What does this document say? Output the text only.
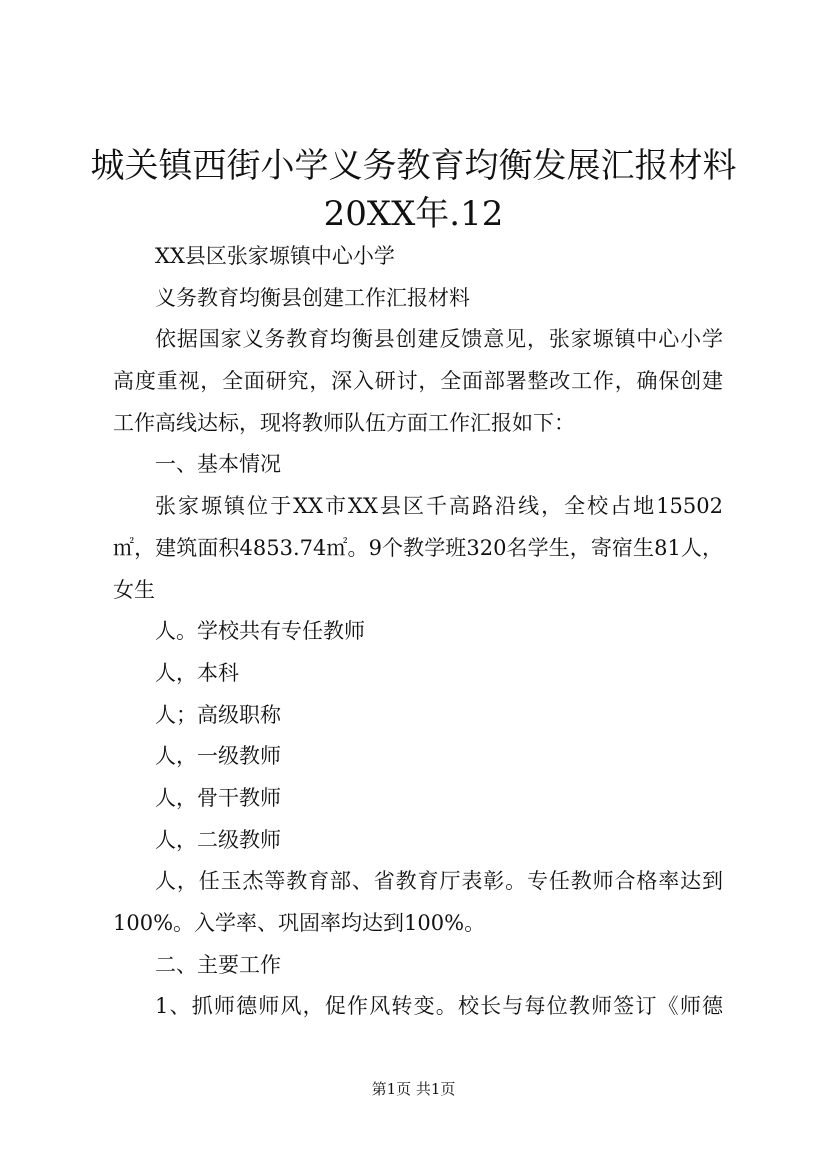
城关镇西街小学义务教育均衡发展汇报材料
20XX年.12
XX县区张家塬镇中心小学
义务教育均衡县创建工作汇报材料
依据国家义务教育均衡县创建反馈意见，张家塬镇中心小学
高度重视，全面研究，深入研讨，全面部署整改工作，确保创建
工作高线达标，现将教师队伍方面工作汇报如下：
一、基本情况
张家塬镇位于XX市XX县区千高路沿线，全校占地15502
㎡，建筑面积4853.74㎡。9个教学班320名学生，寄宿生81人，
女生
人。学校共有专任教师
人，本科
人；高级职称
人，一级教师
人，骨干教师
人，二级教师
人，任玉杰等教育部、省教育厅表彰。专任教师合格率达到
100%。入学率、巩固率均达到100%。
二、主要工作
1、抓师德师风，促作风转变。校长与每位教师签订《师德
第1页 共1页
